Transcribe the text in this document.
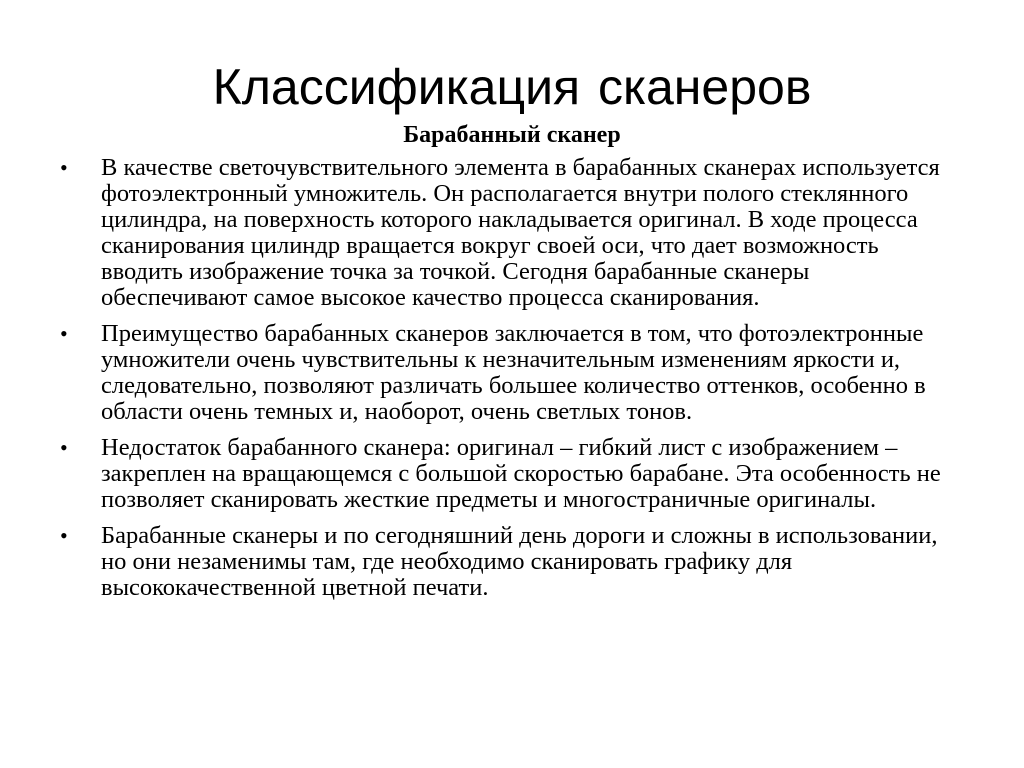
Классификация сканеров
Барабанный сканер
•	В качестве светочувствительного элемента в барабанных сканерах используется фотоэлектронный умножитель. Он располагается внутри полого стеклянного цилиндра, на поверхность которого накладывается оригинал. В ходе процесса сканирования цилиндр вращается вокруг своей оси, что дает возможность вводить изображение точка за точкой. Сегодня барабанные сканеры обеспечивают самое высокое качество процесса сканирования.
•	Преимущество барабанных сканеров заключается в том, что фотоэлектронные умножители очень чувствительны к незначительным изменениям яркости и, следовательно, позволяют различать большее количество оттенков, особенно в области очень темных и, наоборот, очень светлых тонов.
•	Недостаток барабанного сканера: оригинал – гибкий лист с изображением – закреплен на вращающемся с большой скоростью барабане. Эта особенность не позволяет сканировать жесткие предметы и многостраничные оригиналы.
•	Барабанные сканеры и по сегодняшний день дороги и сложны в использовании, но они незаменимы там, где необходимо сканировать графику для высококачественной цветной печати.
